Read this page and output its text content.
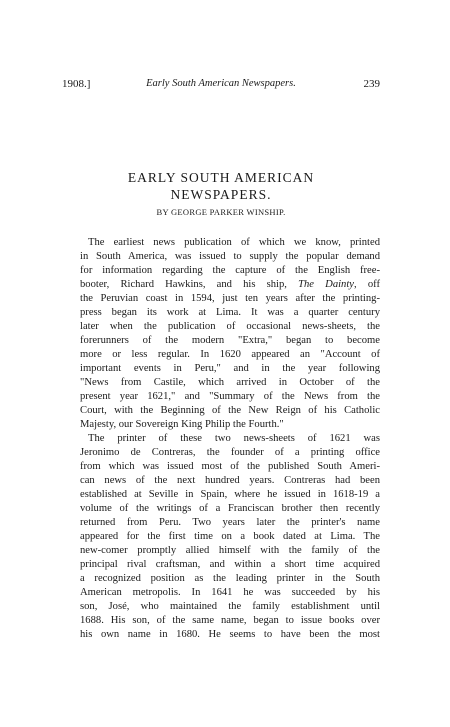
1908.]	Early South American Newspapers.	239
EARLY SOUTH AMERICAN
NEWSPAPERS.
BY GEORGE PARKER WINSHIP.
The earliest news publication of which we know, printed
in South America, was issued to supply the popular demand
for information regarding the capture of the English free-
booter, Richard Hawkins, and his ship, The Dainty, off
the Peruvian coast in 1594, just ten years after the printing-
press began its work at Lima. It was a quarter century
later when the publication of occasional news-sheets, the
forerunners of the modern "Extra," began to become
more or less regular. In 1620 appeared an "Account of
important events in Peru," and in the year following
"News from Castile, which arrived in October of the
present year 1621," and "Summary of the News from the
Court, with the Beginning of the New Reign of his Catholic
Majesty, our Sovereign King Philip the Fourth."
The printer of these two news-sheets of 1621 was
Jeronimo de Contreras, the founder of a printing office
from which was issued most of the published South Ameri-
can news of the next hundred years. Contreras had been
established at Seville in Spain, where he issued in 1618-19 a
volume of the writings of a Franciscan brother then recently
returned from Peru. Two years later the printer's name
appeared for the first time on a book dated at Lima. The
new-comer promptly allied himself with the family of the
principal rival craftsman, and within a short time acquired
a recognized position as the leading printer in the South
American metropolis. In 1641 he was succeeded by his
son, José, who maintained the family establishment until
1688. His son, of the same name, began to issue books over
his own name in 1680. He seems to have been the most
